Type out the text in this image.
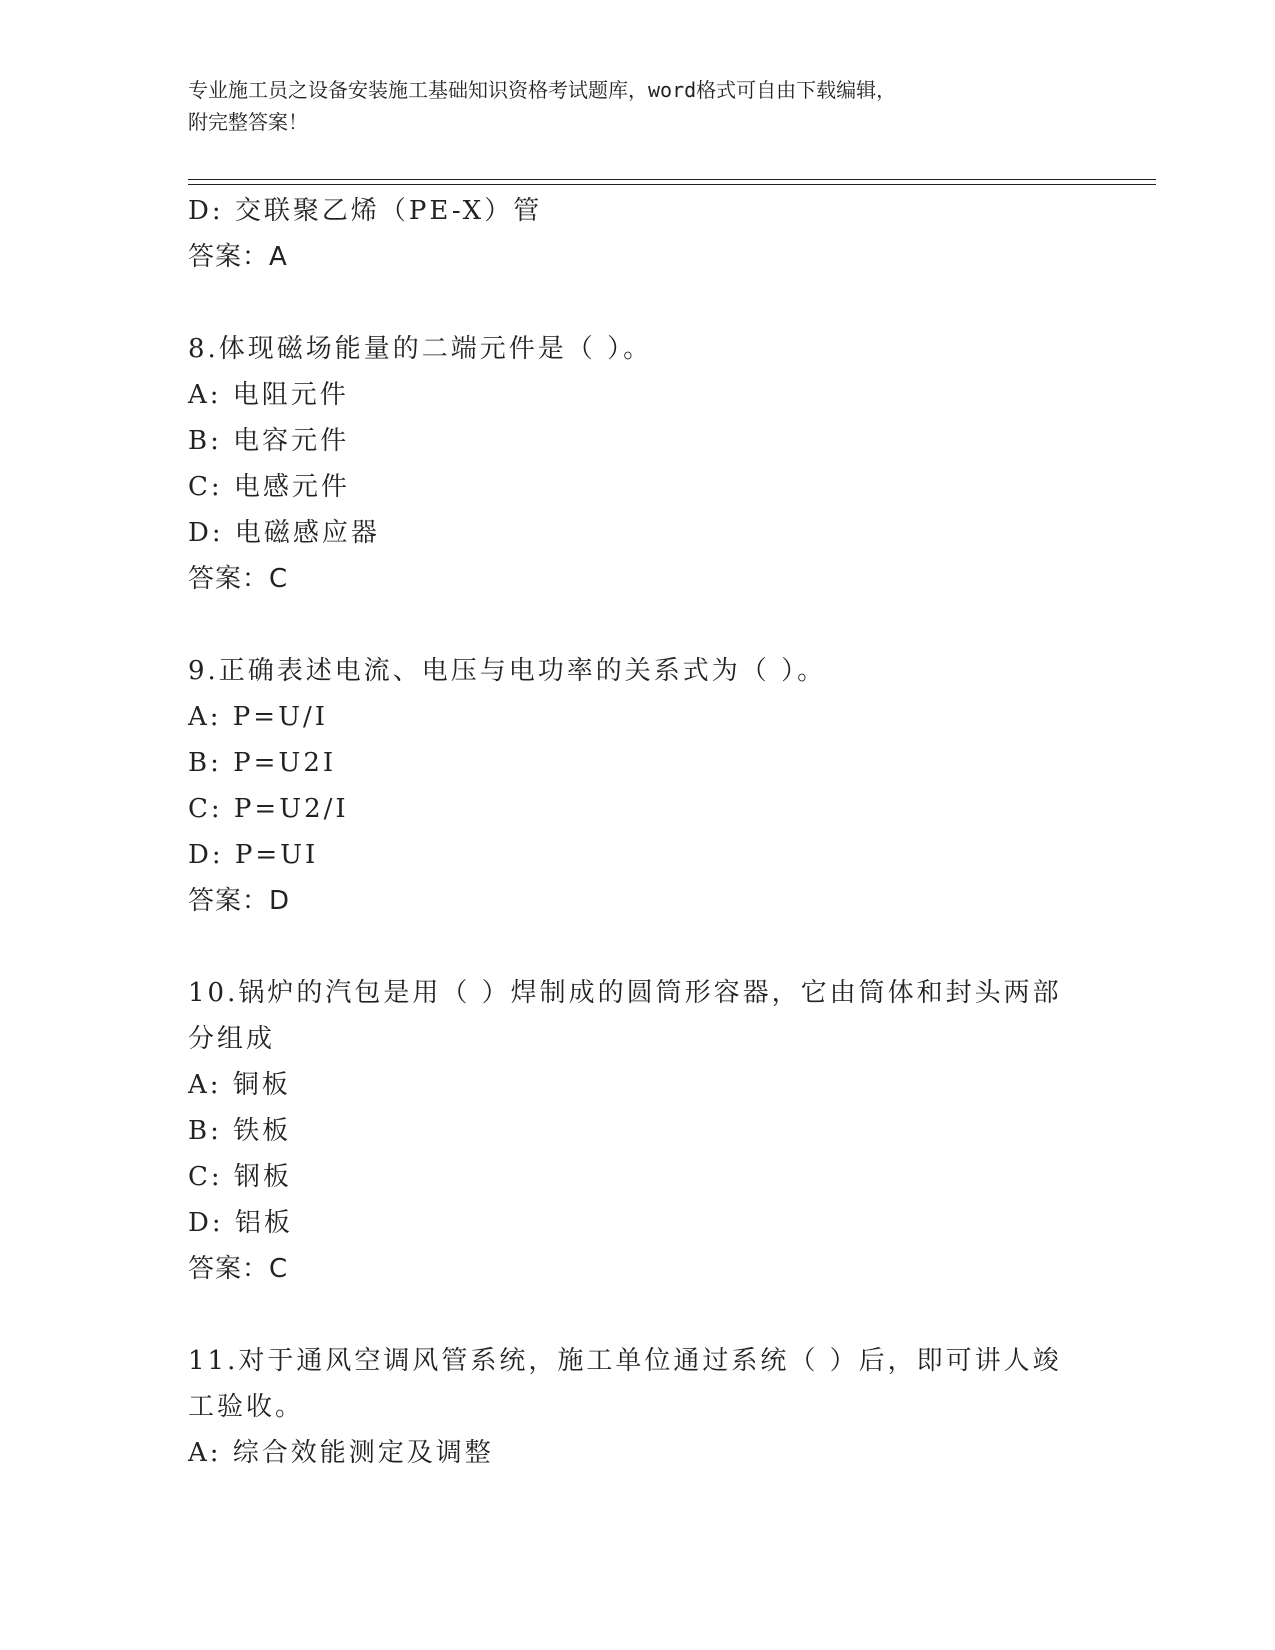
专业施工员之设备安装施工基础知识资格考试题库，word格式可自由下载编辑，
附完整答案！
D: 交联聚乙烯（PE-X）管
答案：A
8.体现磁场能量的二端元件是（ ）。
A: 电阻元件
B: 电容元件
C: 电感元件
D: 电磁感应器
答案：C
9.正确表述电流、电压与电功率的关系式为（ ）。
A: P=U/I
B: P=U2I
C: P=U2/I
D: P=UI
答案：D
10.锅炉的汽包是用（ ）焊制成的圆筒形容器，它由筒体和封头两部
分组成
A: 铜板
B: 铁板
C: 钢板
D: 铝板
答案：C
11.对于通风空调风管系统，施工单位通过系统（ ）后，即可讲人竣
工验收。
A: 综合效能测定及调整
